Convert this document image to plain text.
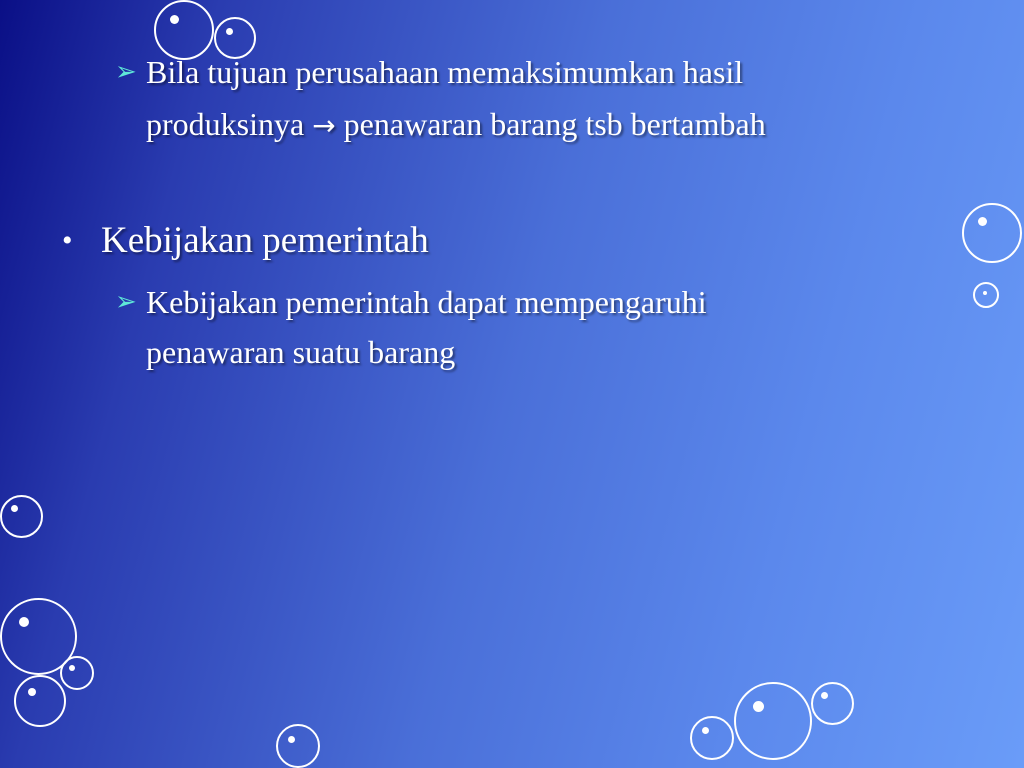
➢ Bila tujuan perusahaan memaksimumkan hasil
produksinya → penawaran barang tsb bertambah
• Kebijakan pemerintah
➢ Kebijakan pemerintah dapat mempengaruhi
penawaran suatu barang
